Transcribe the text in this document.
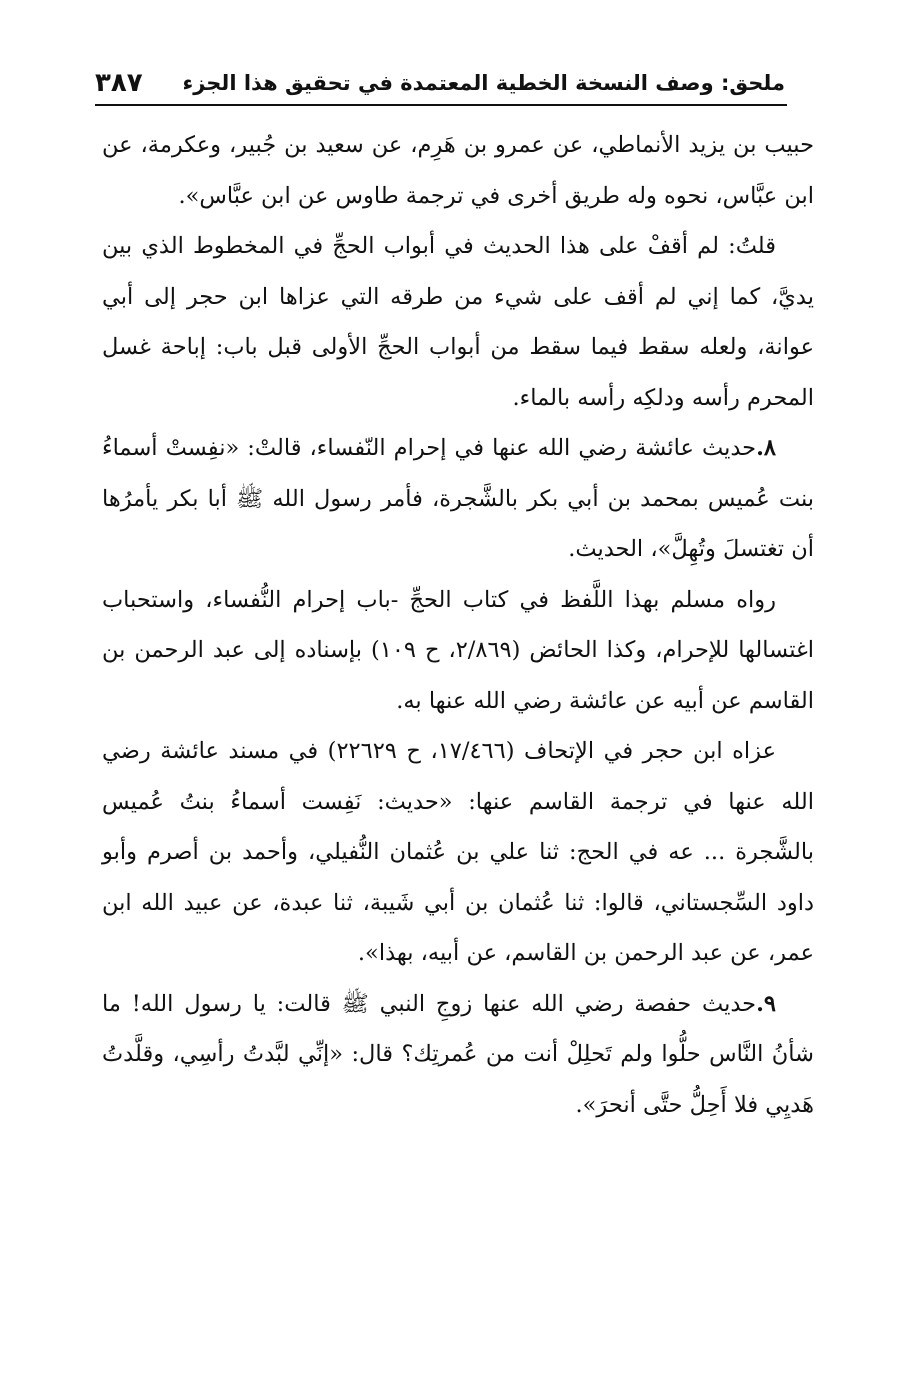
ملحق: وصف النسخة الخطية المعتمدة في تحقيق هذا الجزء
٣٨٧

حبيب بن يزيد الأنماطي، عن عمرو بن هَرِم، عن سعيد بن جُبير، وعكرمة، عن ابن عبَّاس، نحوه وله طريق أخرى في ترجمة طاوس عن ابن عبَّاس».

قلتُ: لم أقفْ على هذا الحديث في أبواب الحجِّ في المخطوط الذي بين يديَّ، كما إني لم أقف على شيء من طرقه التي عزاها ابن حجر إلى أبي عوانة، ولعله سقط فيما سقط من أبواب الحجِّ الأولى قبل باب: إباحة غسل المحرم رأسه ودلكِه رأسه بالماء.

٨.حديث عائشة رضي الله عنها في إحرام النّفساء، قالتْ: «نفِستْ أسماءُ بنت عُميس بمحمد بن أبي بكر بالشَّجرة، فأمر رسول الله ﷺ أبا بكر يأمرُها أن تغتسلَ وتُهِلَّ»، الحديث.

رواه مسلم بهذا اللَّفظ في كتاب الحجِّ -باب إحرام النُّفساء، واستحباب اغتسالها للإحرام، وكذا الحائض (٢/٨٦٩، ح ١٠٩) بإسناده إلى عبد الرحمن بن القاسم عن أبيه عن عائشة رضي الله عنها به.

عزاه ابن حجر في الإتحاف (١٧/٤٦٦، ح ٢٢٦٢٩) في مسند عائشة رضي الله عنها في ترجمة القاسم عنها: «حديث: نَفِست أسماءُ بنتُ عُميس بالشَّجرة ... عه في الحج: ثنا علي بن عُثمان النُّفيلي، وأحمد بن أصرم وأبو داود السِّجستاني، قالوا: ثنا عُثمان بن أبي شَيبة، ثنا عبدة، عن عبيد الله ابن عمر، عن عبد الرحمن بن القاسم، عن أبيه، بهذا».

٩.حديث حفصة رضي الله عنها زوجِ النبي ﷺ قالت: يا رسول الله! ما شأنُ النَّاس حلُّوا ولم تَحلِلْ أنت من عُمرتِك؟ قال: «إنِّي لبَّدتُ رأسِي، وقلَّدتُ هَديِي فلا أَحِلُّ حتَّى أنحرَ».
